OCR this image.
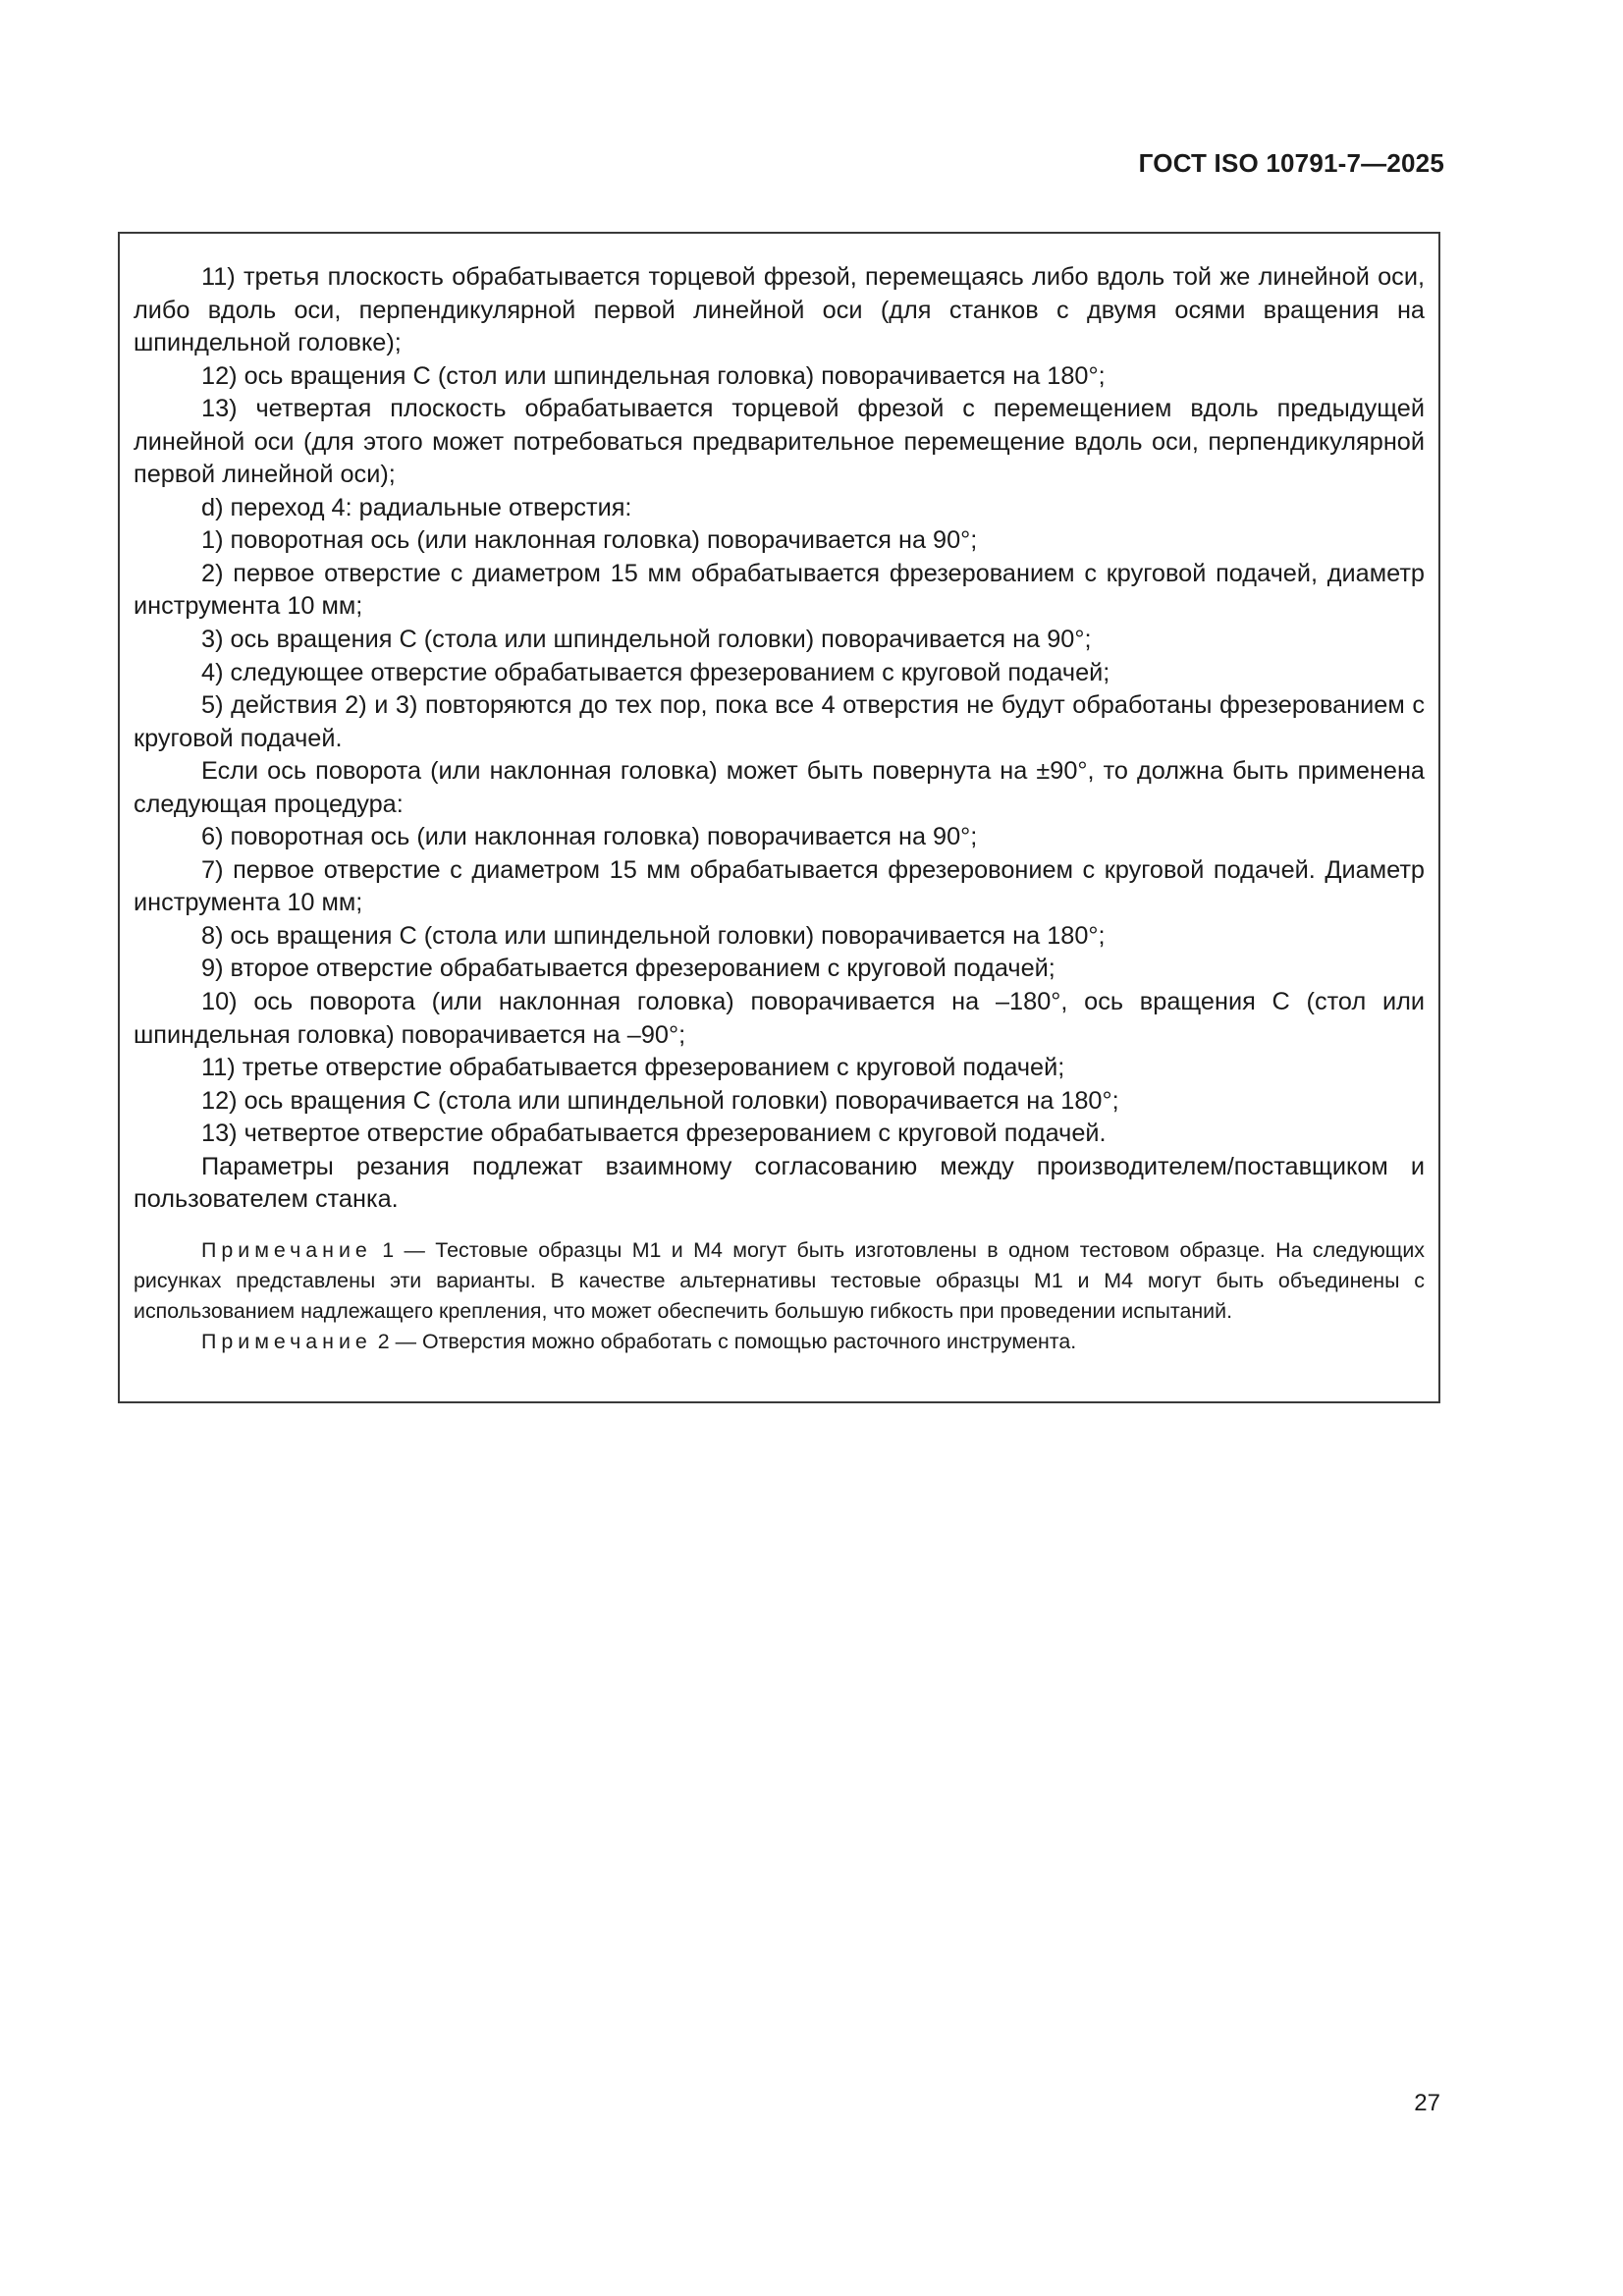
ГОСТ ISO 10791-7—2025

11) третья плоскость обрабатывается торцевой фрезой, перемещаясь либо вдоль той же линейной оси, либо вдоль оси, перпендикулярной первой линейной оси (для станков с двумя осями вращения на шпиндельной головке);

12) ось вращения С (стол или шпиндельная головка) поворачивается на 180°;

13) четвертая плоскость обрабатывается торцевой фрезой с перемещением вдоль предыдущей линейной оси (для этого может потребоваться предварительное перемещение вдоль оси, перпендикулярной первой линейной оси);

d) переход 4: радиальные отверстия:

1) поворотная ось (или наклонная головка) поворачивается на 90°;

2) первое отверстие с диаметром 15 мм обрабатывается фрезерованием с круговой подачей, диаметр инструмента 10 мм;

3) ось вращения С (стола или шпиндельной головки) поворачивается на 90°;

4) следующее отверстие обрабатывается фрезерованием с круговой подачей;

5) действия 2) и 3) повторяются до тех пор, пока все 4 отверстия не будут обработаны фрезерованием с круговой подачей.

Если ось поворота (или наклонная головка) может быть повернута на ±90°, то должна быть применена следующая процедура:

6) поворотная ось (или наклонная головка) поворачивается на 90°;

7) первое отверстие с диаметром 15 мм обрабатывается фрезеровонием с круговой подачей. Диаметр инструмента 10 мм;

8) ось вращения С (стола или шпиндельной головки) поворачивается на 180°;

9) второе отверстие обрабатывается фрезерованием с круговой подачей;

10) ось поворота (или наклонная головка) поворачивается на –180°, ось вращения С (стол или шпиндельная головка) поворачивается на –90°;

11) третье отверстие обрабатывается фрезерованием с круговой подачей;

12) ось вращения С (стола или шпиндельной головки) поворачивается на 180°;

13) четвертое отверстие обрабатывается фрезерованием с круговой подачей.

Параметры резания подлежат взаимному согласованию между производителем/поставщиком и пользователем станка.

Примечание 1 — Тестовые образцы М1 и М4 могут быть изготовлены в одном тестовом образце. На следующих рисунках представлены эти варианты. В качестве альтернативы тестовые образцы М1 и М4 могут быть объединены с использованием надлежащего крепления, что может обеспечить большую гибкость при проведении испытаний.

Примечание 2 — Отверстия можно обработать с помощью расточного инструмента.

27
